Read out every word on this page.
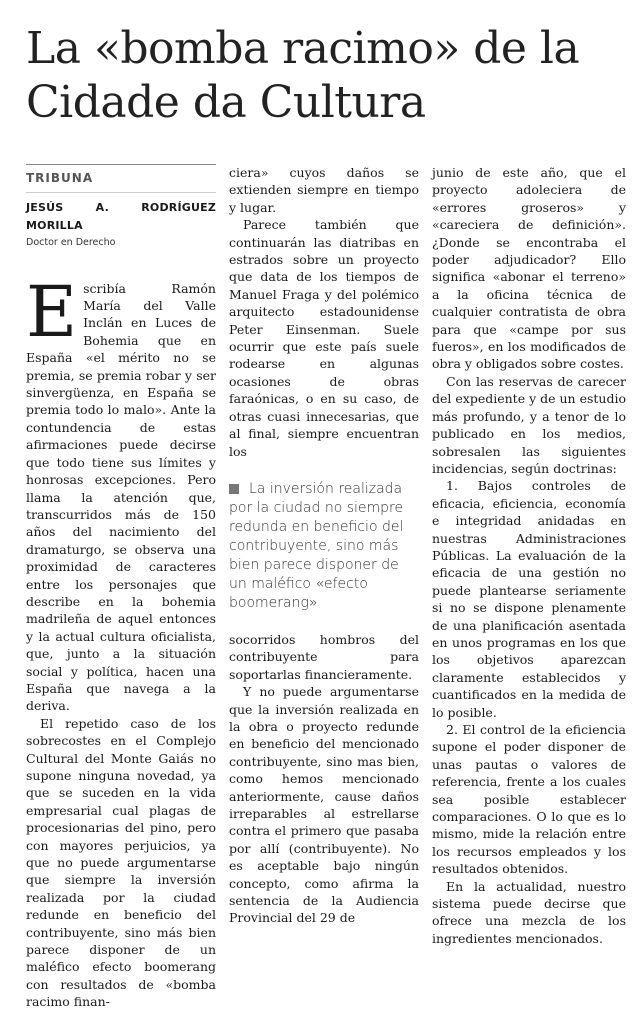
La «bomba racimo» de la Cidade da Cultura
TRIBUNA
JESÚS A. RODRÍGUEZ MORILLA
Doctor en Derecho
E scribía Ramón María del Valle Inclán en Luces de Bohemia que en España «el mérito no se premia, se premia robar y ser sinvergüenza, en España se premia todo lo malo». Ante la contundencia de estas afirmaciones puede decirse que todo tiene sus límites y honrosas excepciones. Pero llama la atención que, transcurridos más de 150 años del nacimiento del dramaturgo, se observa una proximidad de caracteres entre los personajes que describe en la bohemia madrileña de aquel entonces y la actual cultura oficialista, que, junto a la situación social y política, hacen una España que navega a la deriva.

El repetido caso de los sobrecostes en el Complejo Cultural del Monte Gaiás no supone ninguna novedad, ya que se suceden en la vida empresarial cual plagas de procesionarias del pino, pero con mayores perjuicios, ya que no puede argumentarse que siempre la inversión realizada por la ciudad redunde en beneficio del contribuyente, sino más bien parece disponer de un maléfico efecto boomerang con resultados de «bomba racimo finan-

ciera» cuyos daños se extienden siempre en tiempo y lugar.

Parece también que continuarán las diatribas en estrados sobre un proyecto que data de los tiempos de Manuel Fraga y del polémico arquitecto estadounidense Peter Einsenman. Suele ocurrir que este país suele rodearse en algunas ocasiones de obras faraónicas, o en su caso, de otras cuasi innecesarias, que al final, siempre encuentran los

La inversión realizada por la ciudad no siempre redunda en beneficio del contribuyente, sino más bien parece disponer de un maléfico «efecto boomerang»

socorridos hombros del contribuyente para soportarlas financieramente.

Y no puede argumentarse que la inversión realizada en la obra o proyecto redunde en beneficio del mencionado contribuyente, sino mas bien, como hemos mencionado anteriormente, cause daños irreparables al estrellarse contra el primero que pasaba por allí (contribuyente). No es aceptable bajo ningún concepto, como afirma la sentencia de la Audiencia Provincial del 29 de

junio de este año, que el proyecto adoleciera de «errores groseros» y «careciera de definición». ¿Donde se encontraba el poder adjudicador? Ello significa «abonar el terreno» a la oficina técnica de cualquier contratista de obra para que «campe por sus fueros», en los modificados de obra y obligados sobre costes.

Con las reservas de carecer del expediente y de un estudio más profundo, y a tenor de lo publicado en los medios, sobresalen las siguientes incidencias, según doctrinas:

1. Bajos controles de eficacia, eficiencia, economía e integridad anidadas en nuestras Administraciones Públicas. La evaluación de la eficacia de una gestión no puede plantearse seriamente si no se dispone plenamente de una planificación asentada en unos programas en los que los objetivos aparezcan claramente establecidos y cuantificados en la medida de lo posible.

2. El control de la eficiencia supone el poder disponer de unas pautas o valores de referencia, frente a los cuales sea posible establecer comparaciones. O lo que es lo mismo, mide la relación entre los recursos empleados y los resultados obtenidos.

En la actualidad, nuestro sistema puede decirse que ofrece una mezcla de los ingredientes mencionados.
